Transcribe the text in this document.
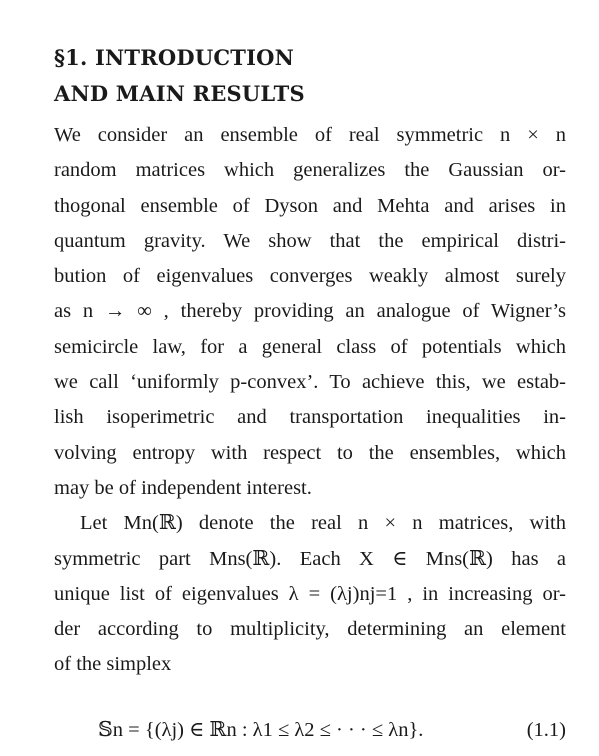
§1. INTRODUCTION
AND MAIN RESULTS

We consider an ensemble of real symmetric n × n
random matrices which generalizes the Gaussian or-
thogonal ensemble of Dyson and Mehta and arises in
quantum gravity. We show that the empirical distri-
bution of eigenvalues converges weakly almost surely
as n → ∞ , thereby providing an analogue of Wigner’s
semicircle law, for a general class of potentials which
we call ‘uniformly p-convex’. To achieve this, we estab-
lish isoperimetric and transportation inequalities in-
volving entropy with respect to the ensembles, which
may be of independent interest.

Let Mn(ℝ) denote the real n × n matrices, with
symmetric part Mns(ℝ). Each X ∈ Mns(ℝ) has a
unique list of eigenvalues λ = (λj)nj=1 , in increasing or-
der according to multiplicity, determining an element
of the simplex

𝕊n = {(λj) ∈ ℝn : λ1 ≤ λ2 ≤ · · · ≤ λn}.	(1.1)
